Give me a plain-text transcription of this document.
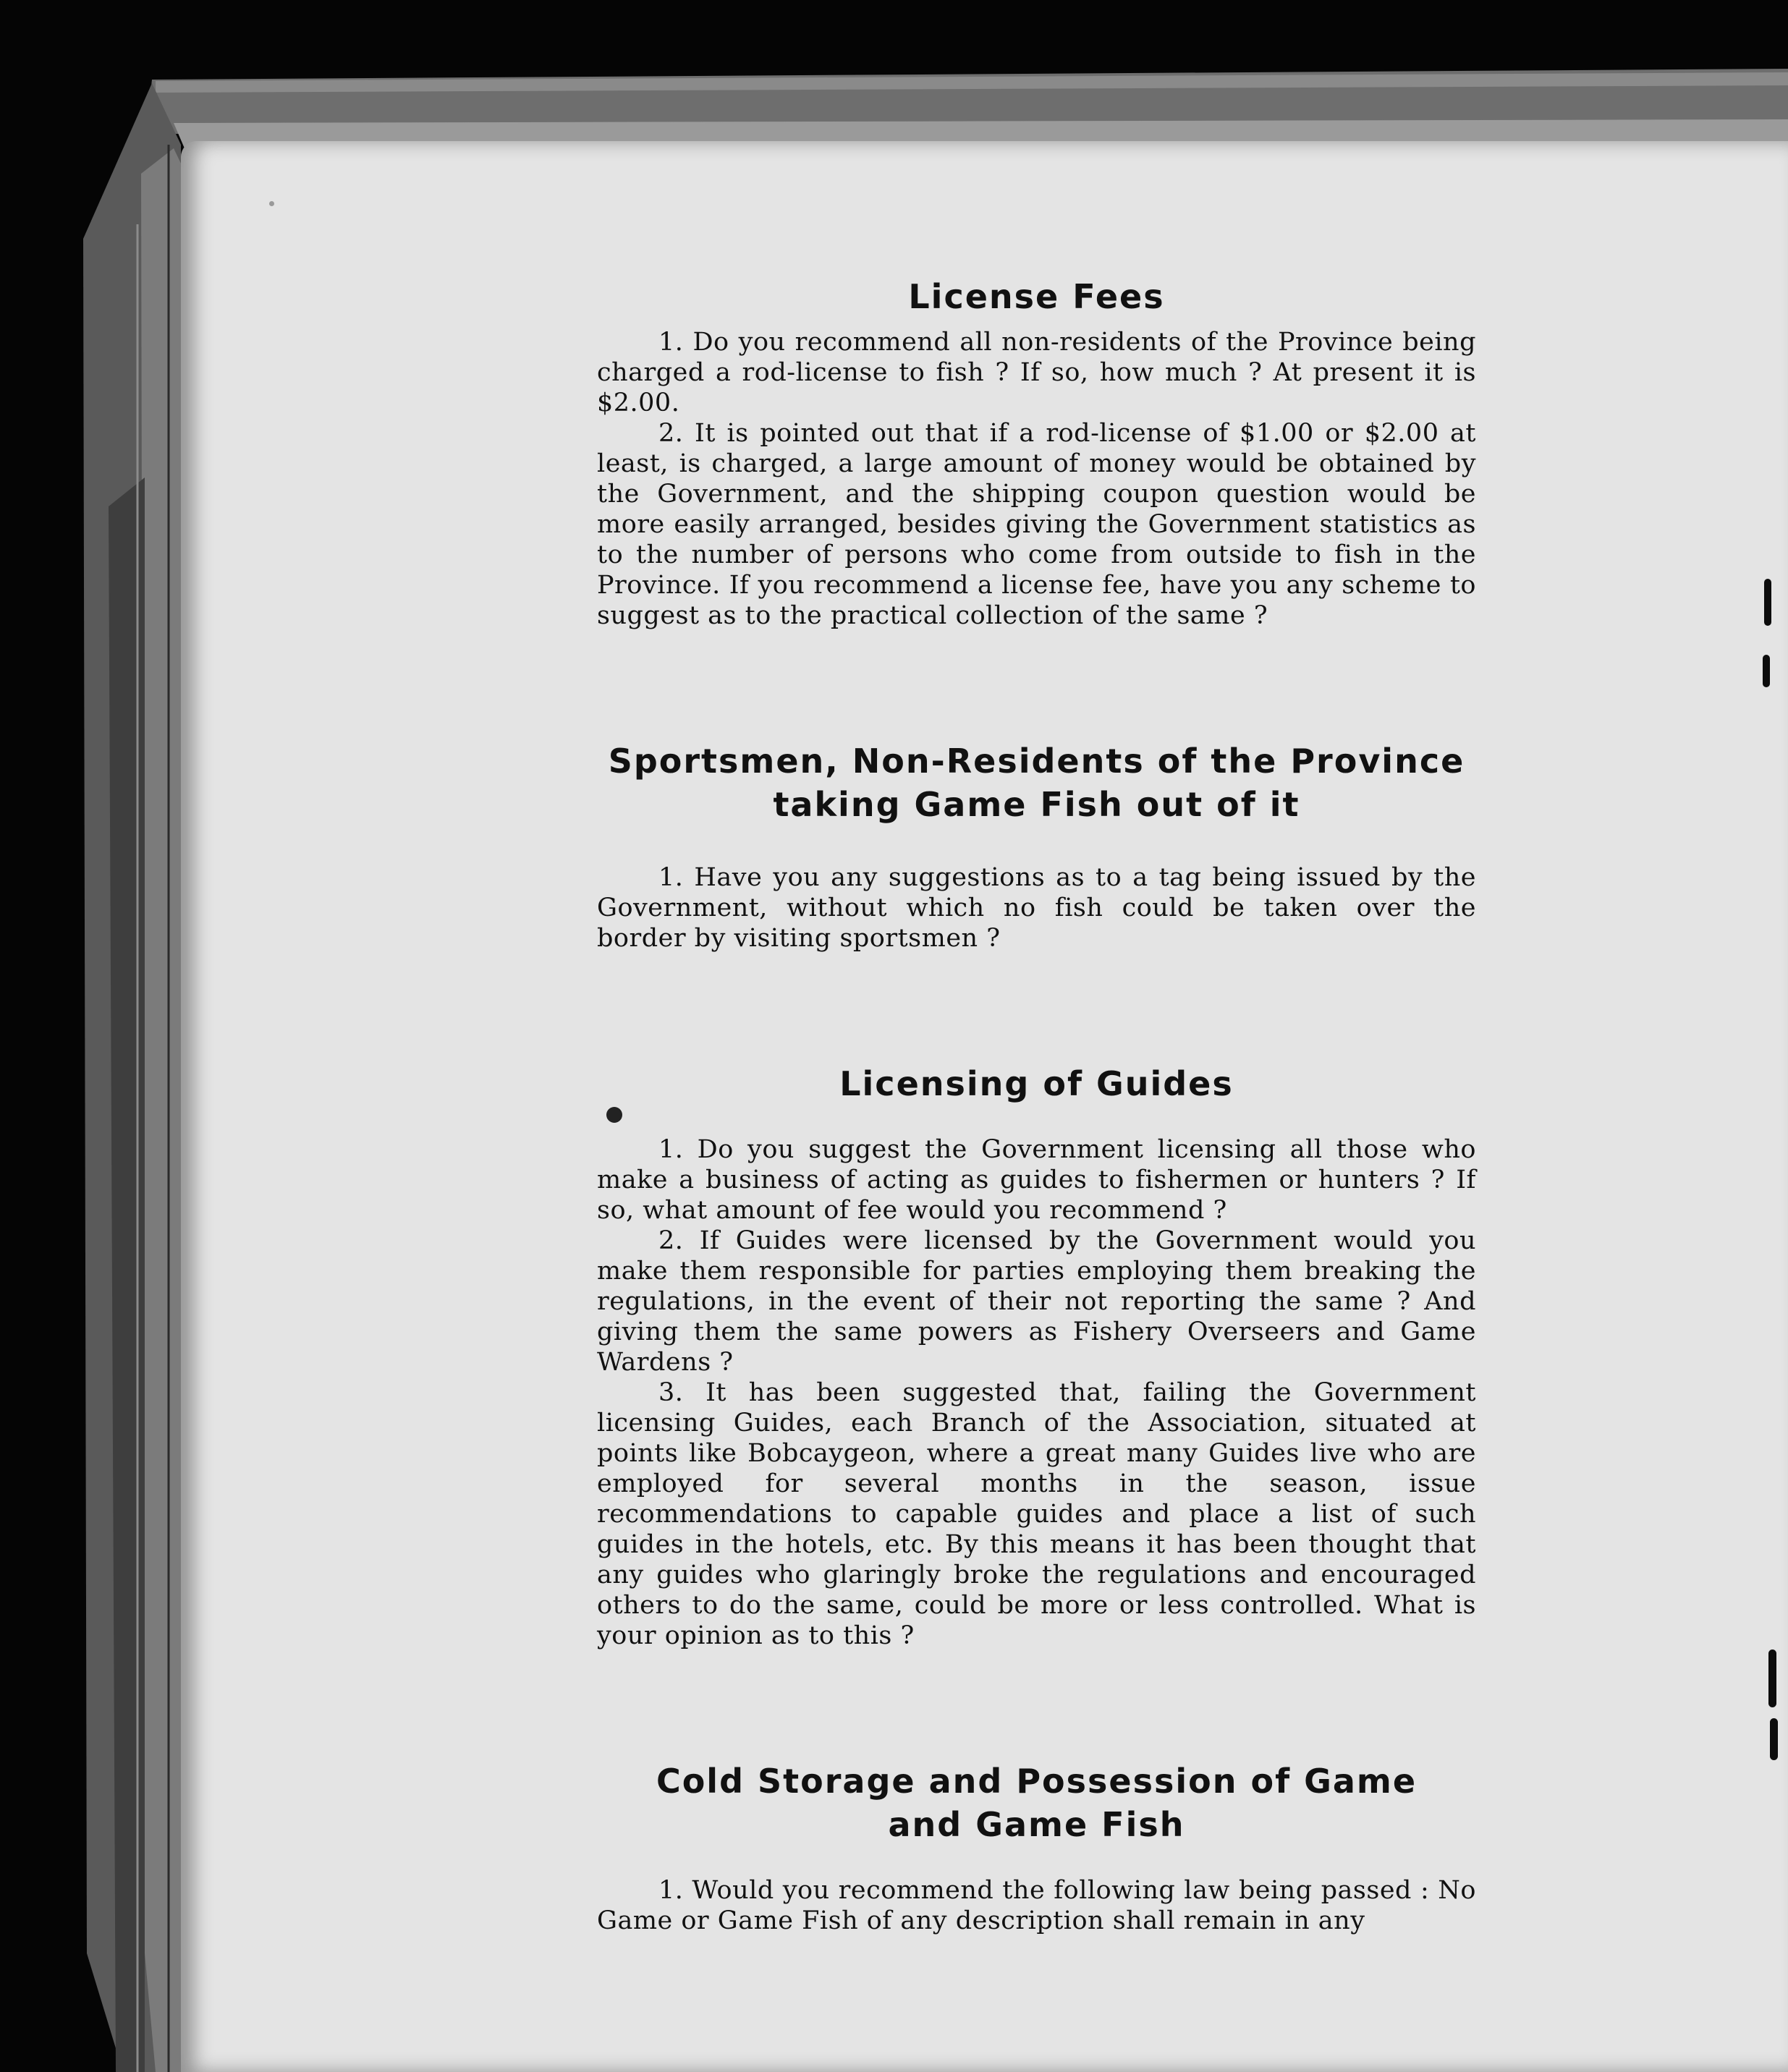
License Fees

1. Do you recommend all non-residents of the Province being charged a rod-license to fish ? If so, how much ? At present it is $2.00.

2. It is pointed out that if a rod-license of $1.00 or $2.00 at least, is charged, a large amount of money would be obtained by the Government, and the shipping coupon question would be more easily arranged, besides giving the Government statistics as to the number of persons who come from outside to fish in the Province. If you recommend a license fee, have you any scheme to suggest as to the practical collection of the same ?

Sportsmen, Non-Residents of the Province
taking Game Fish out of it

1. Have you any suggestions as to a tag being issued by the Government, without which no fish could be taken over the border by visiting sportsmen ?

Licensing of Guides

1. Do you suggest the Government licensing all those who make a business of acting as guides to fishermen or hunters ? If so, what amount of fee would you recommend ?

2. If Guides were licensed by the Government would you make them responsible for parties employing them breaking the regulations, in the event of their not reporting the same ? And giving them the same powers as Fishery Overseers and Game Wardens ?

3. It has been suggested that, failing the Government licensing Guides, each Branch of the Association, situated at points like Bobcaygeon, where a great many Guides live who are employed for several months in the season, issue recommendations to capable guides and place a list of such guides in the hotels, etc. By this means it has been thought that any guides who glaringly broke the regulations and encouraged others to do the same, could be more or less controlled. What is your opinion as to this ?

Cold Storage and Possession of Game
and Game Fish

1. Would you recommend the following law being passed : No Game or Game Fish of any description shall remain in any
